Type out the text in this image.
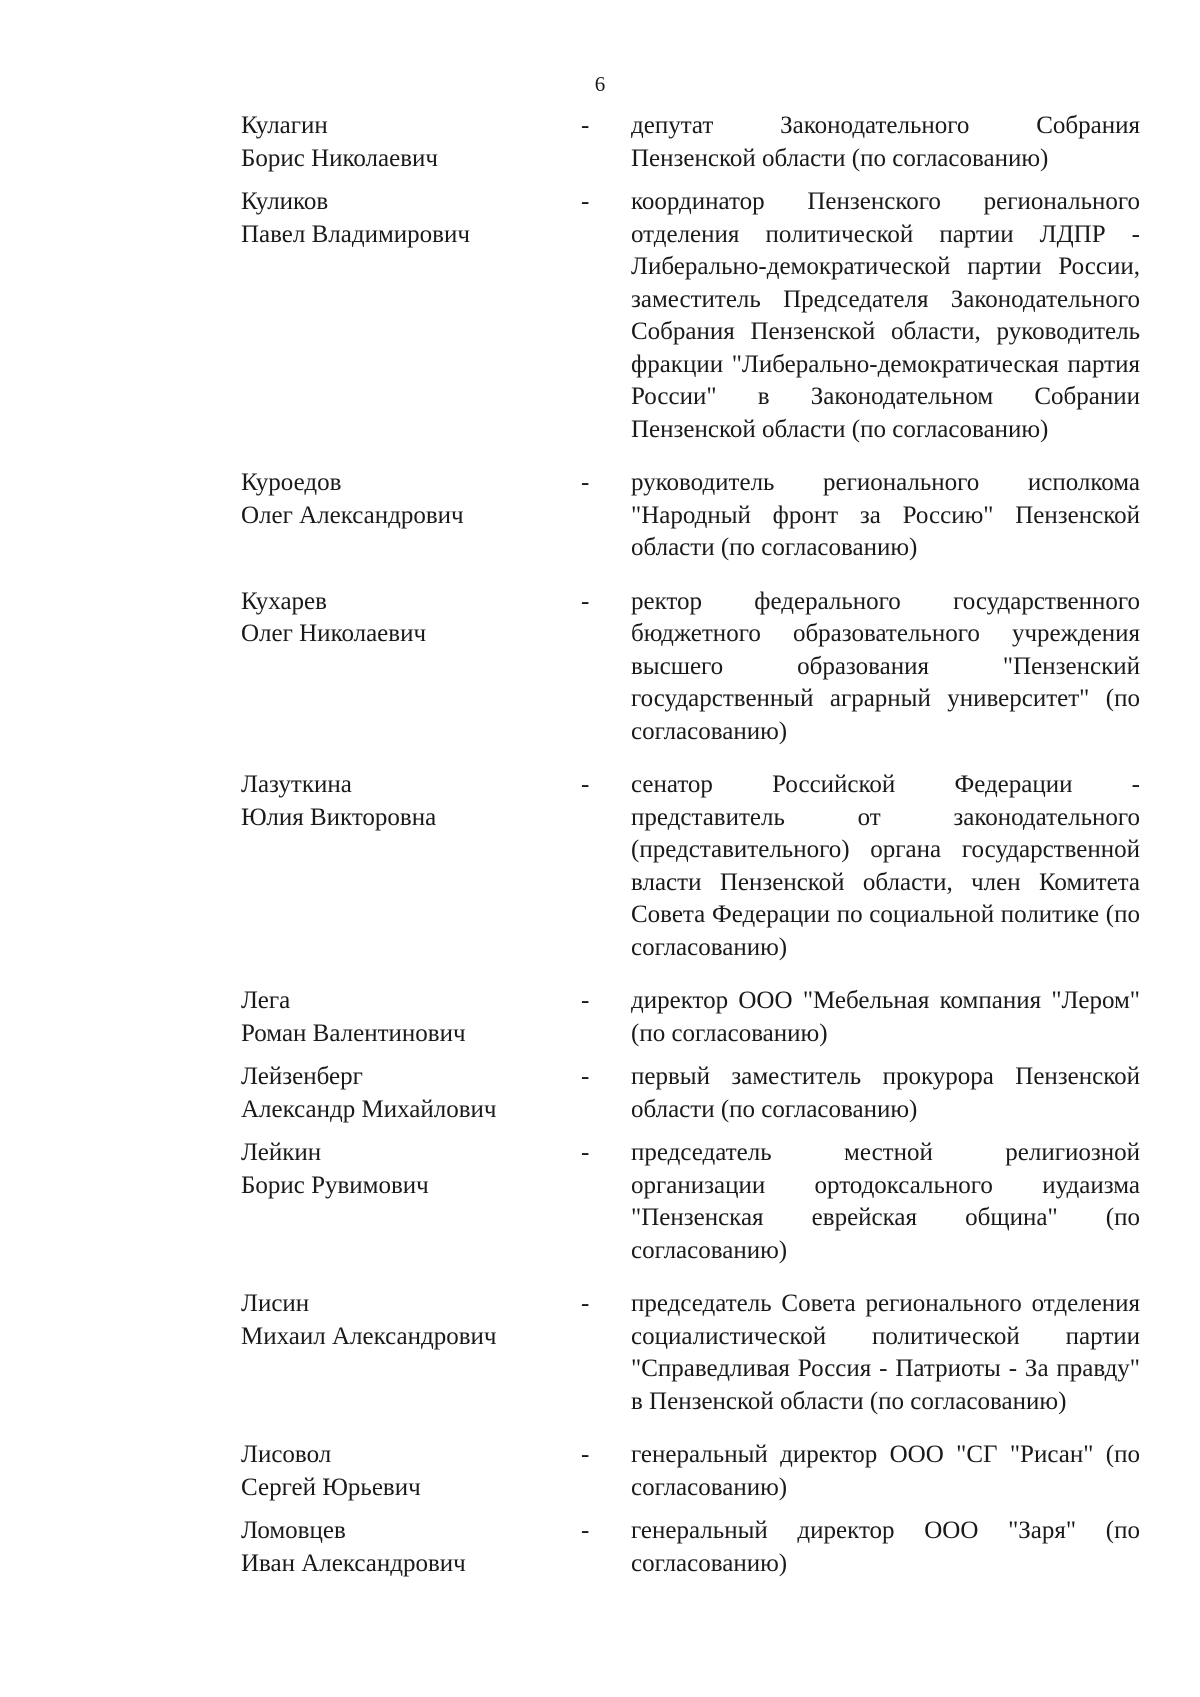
6
Кулагин
Борис Николаевич
-	депутат Законодательного Собрания Пензенской области (по согласованию)
Куликов
Павел Владимирович
-	координатор Пензенского регионального отделения политической партии ЛДПР - Либерально-демократической партии России, заместитель Председателя Законодательного Собрания Пензенской области, руководитель фракции "Либерально-демократическая партия России" в Законодательном Собрании Пензенской области (по согласованию)
Куроедов
Олег Александрович
-	руководитель регионального исполкома "Народный фронт за Россию" Пензенской области (по согласованию)
Кухарев
Олег Николаевич
-	ректор федерального государственного бюджетного образовательного учреждения высшего образования "Пензенский государственный аграрный университет" (по согласованию)
Лазуткина
Юлия Викторовна
-	сенатор Российской Федерации - представитель от законодательного (представительного) органа государственной власти Пензенской области, член Комитета Совета Федерации по социальной политике (по согласованию)
Лега
Роман Валентинович
-	директор ООО "Мебельная компания "Лером" (по согласованию)
Лейзенберг
Александр Михайлович
-	первый заместитель прокурора Пензенской области (по согласованию)
Лейкин
Борис Рувимович
-	председатель местной религиозной организации ортодоксального иудаизма "Пензенская еврейская община" (по согласованию)
Лисин
Михаил Александрович
-	председатель Совета регионального отделения социалистической политической партии "Справедливая Россия - Патриоты - За правду" в Пензенской области (по согласованию)
Лисовол
Сергей Юрьевич
-	генеральный директор ООО "СГ "Рисан" (по согласованию)
Ломовцев
Иван Александрович
-	генеральный директор ООО "Заря" (по согласованию)
